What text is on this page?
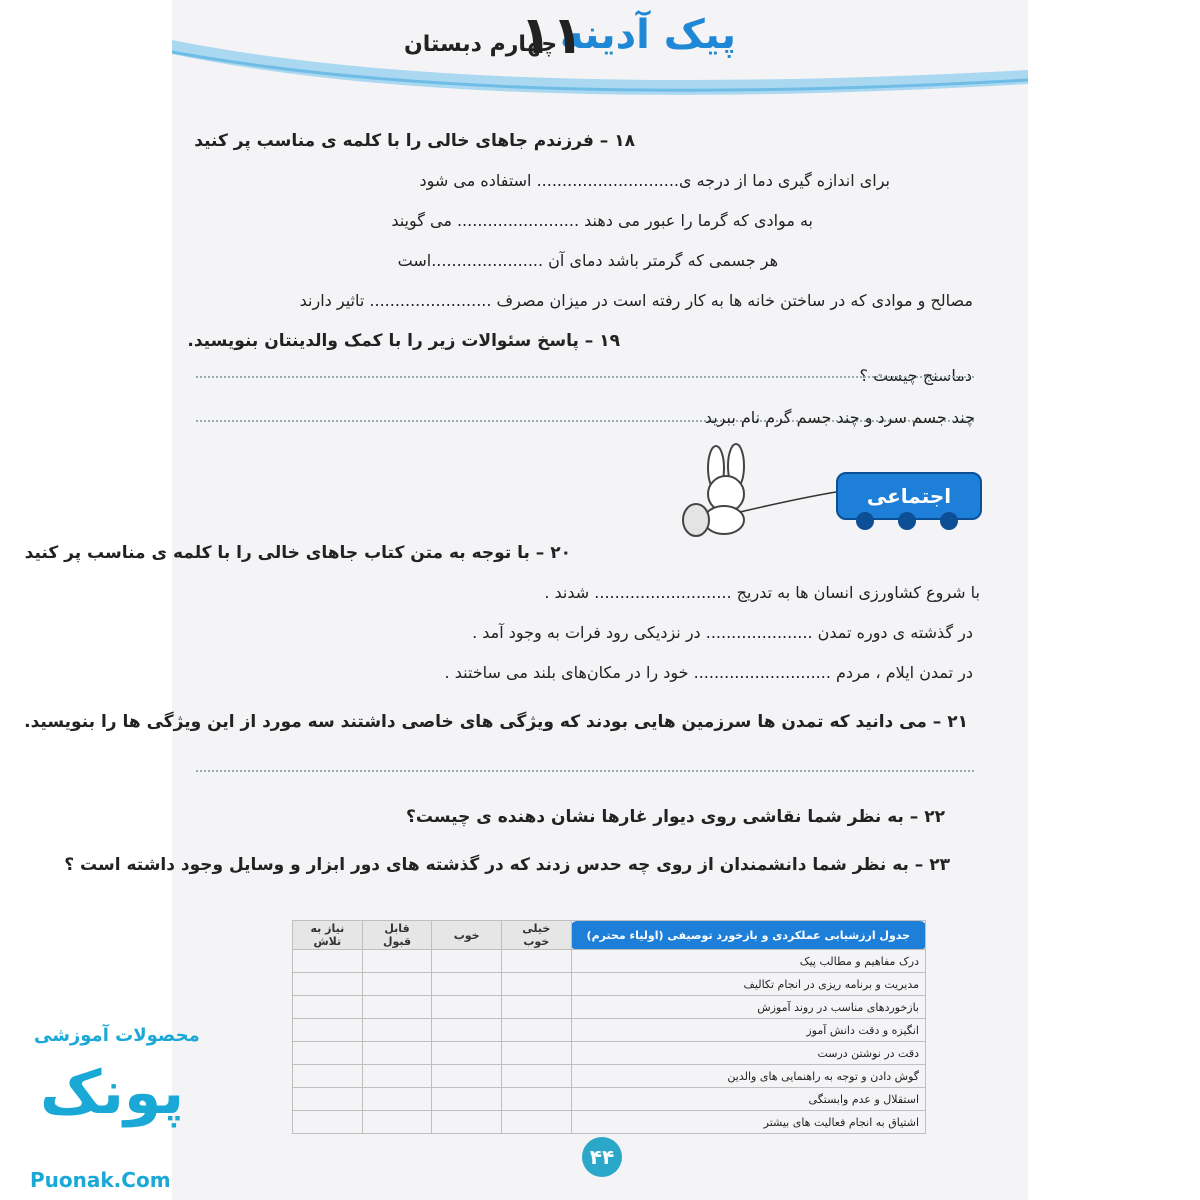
پیک آدینه
۱۱
چهارم دبستان
۱۸ – فرزندم جاهای خالی را با کلمه ی مناسب پر کنید
برای اندازه گیری دما از درجه ی............................ استفاده می شود
به موادی که گرما را عبور می دهند ........................ می گویند
هر جسمی که گرمتر باشد دمای آن ......................است
مصالح و موادی که در ساختن خانه ها به کار رفته است در میزان مصرف ........................ تاثیر دارند
۱۹ – پاسخ سئوالات زیر را با کمک والدینتان بنویسید.
دماسنج چیست ؟
چند جسم سرد و چند جسم گرم نام ببرید
اجتماعی
۲۰ – با توجه به متن کتاب جاهای خالی را با کلمه ی مناسب پر کنید
با شروع کشاورزی انسان ها به تدریج ........................... شدند .
در گذشته ی دوره تمدن ..................... در نزدیکی رود فرات به وجود آمد .
در تمدن ایلام ، مردم ........................... خود را در مکان‌های بلند می ساختند .
۲۱ – می دانید که تمدن ها سرزمین هایی بودند که ویژگی های خاصی داشتند سه مورد از این ویژگی ها را بنویسید.
۲۲ – به نظر شما نقاشی روی دیوار غارها نشان دهنده ی چیست؟
۲۳ – به نظر شما دانشمندان از روی چه حدس زدند که در گذشته های دور ابزار و وسایل وجود داشته است ؟
جدول ارزشیابی عملکردی و بازخورد توصیفی (اولیاء محترم)	خیلی خوب	خوب	قابل قبول	نیاز به تلاش
درک مفاهیم و مطالب پیک				
مدیریت و برنامه ریزی در انجام تکالیف				
بازخوردهای مناسب در روند آموزش				
انگیزه و دقت دانش آموز				
دقت در نوشتن درست				
گوش دادن و توجه به راهنمایی های والدین				
استقلال و عدم وابستگی				
اشتیاق به انجام فعالیت های بیشتر				
۴۴
محصولات آموزشی
پونک
Puonak.Com
